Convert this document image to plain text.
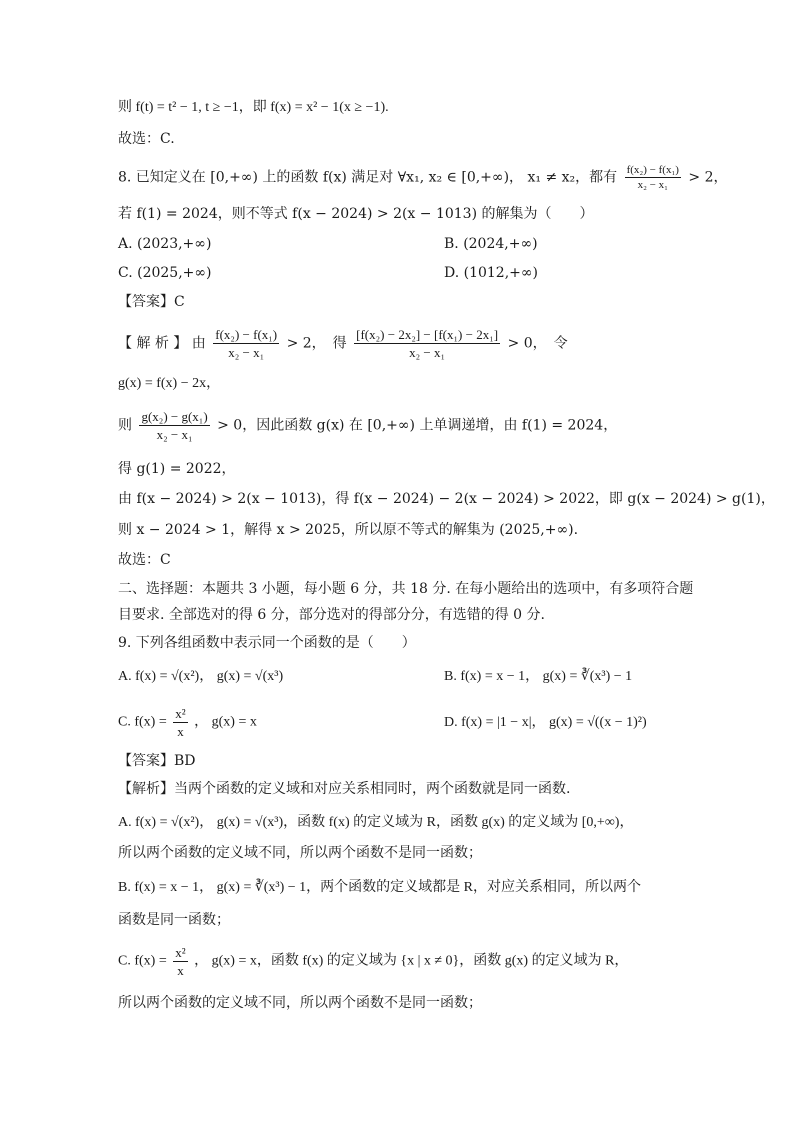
则 f(t) = t² − 1, t ≥ −1，即 f(x) = x² − 1(x ≥ −1).
故选：C.
8. 已知定义在 [0,+∞) 上的函数 f(x) 满足对 ∀x₁, x₂ ∈ [0,+∞)， x₁ ≠ x₂，都有 $\frac{\text{f(x₂) − f(x₁)}}{\text{x₂ − x₁}} > 2$，
若 f(1) = 2024，则不等式 f(x − 2024) > 2(x − 1013) 的解集为（　　）
A. (2023,+∞)	B. (2024,+∞)
C. (2025,+∞)	D. (1012,+∞)
【答案】C
【 解 析 】 由 $\frac{\text{f(x₂) − f(x₁)}}{\text{x₂ − x₁}} > 2$，　得 $\frac{\text{[f(x₂) − 2x₂] − [f(x₁) − 2x₁]}}{\text{x₂ − x₁}} > 0$，　令
g(x) = f(x) − 2x，
则 $\frac{\text{g(x₂) − g(x₁)}}{\text{x₂ − x₁}} > 0$，因此函数 g(x) 在 [0,+∞) 上单调递增，由 f(1) = 2024，
得 g(1) = 2022，
由 f(x − 2024) > 2(x − 1013)，得 f(x − 2024) − 2(x − 2024) > 2022，即 g(x − 2024) > g(1)，
则 x − 2024 > 1，解得 x > 2025，所以原不等式的解集为 (2025,+∞).
故选：C
二、选择题：本题共 3 小题，每小题 6 分，共 18 分. 在每小题给出的选项中，有多项符合题
目要求. 全部选对的得 6 分，部分选对的得部分分，有选错的得 0 分.
9. 下列各组函数中表示同一个函数的是（　　）
A. f(x) = √(x²)， g(x) = √(x³)	B. f(x) = x − 1， g(x) = ∛(x³) − 1
C. $f(x) = \frac{\text{x²}}{x}$ ， g(x) = x	D. f(x) = |1 − x|， g(x) = √((x − 1)²)
【答案】BD
【解析】当两个函数的定义域和对应关系相同时，两个函数就是同一函数.
A. f(x) = √(x²)， g(x) = √(x³)，函数 f(x) 的定义域为 R，函数 g(x) 的定义域为 [0,+∞)，
所以两个函数的定义域不同，所以两个函数不是同一函数；
B. f(x) = x − 1， g(x) = ∛(x³) − 1，两个函数的定义域都是 R，对应关系相同，所以两个
函数是同一函数；
C. $f(x) = \frac{\text{x²}}{x}$ ， g(x) = x，函数 f(x) 的定义域为 {x | x ≠ 0}，函数 g(x) 的定义域为 R，
所以两个函数的定义域不同，所以两个函数不是同一函数；
